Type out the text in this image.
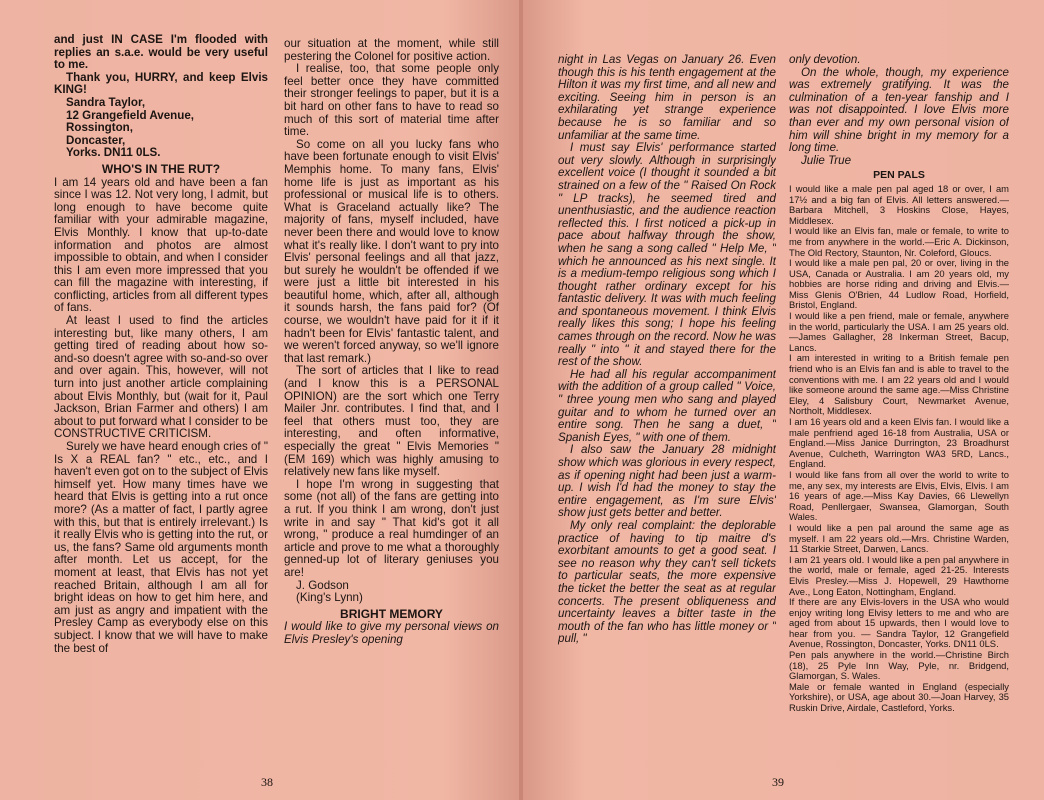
and just IN CASE I'm flooded with replies an s.a.e. would be very useful to me.

Thank you, HURRY, and keep Elvis KING!

Sandra Taylor,

12 Grangefield Avenue,

Rossington,

Doncaster,

Yorks. DN11 0LS.

WHO'S IN THE RUT?

I am 14 years old and have been a fan since I was 12. Not very long, I admit, but long enough to have become quite familiar with your admirable magazine, Elvis Monthly. I know that up-to-date information and photos are almost impossible to obtain, and when I consider this I am even more impressed that you can fill the magazine with interesting, if conflicting, articles from all different types of fans.

At least I used to find the articles interesting but, like many others, I am getting tired of reading about how so-and-so doesn't agree with so-and-so over and over again. This, however, will not turn into just another article complaining about Elvis Monthly, but (wait for it, Paul Jackson, Brian Farmer and others) I am about to put forward what I consider to be CONSTRUCTIVE CRITICISM.

Surely we have heard enough cries of " Is X a REAL fan? " etc., etc., and I haven't even got on to the subject of Elvis himself yet. How many times have we heard that Elvis is getting into a rut once more? (As a matter of fact, I partly agree with this, but that is entirely irrelevant.) Is it really Elvis who is getting into the rut, or us, the fans? Same old arguments month after month. Let us accept, for the moment at least, that Elvis has not yet reached Britain, although I am all for bright ideas on how to get him here, and am just as angry and impatient with the Presley Camp as everybody else on this subject. I know that we will have to make the best of

our situation at the moment, while still pestering the Colonel for positive action.

I realise, too, that some people only feel better once they have committed their stronger feelings to paper, but it is a bit hard on other fans to have to read so much of this sort of material time after time.

So come on all you lucky fans who have been fortunate enough to visit Elvis' Memphis home. To many fans, Elvis' home life is just as important as his professional or musical life is to others. What is Graceland actually like? The majority of fans, myself included, have never been there and would love to know what it's really like. I don't want to pry into Elvis' personal feelings and all that jazz, but surely he wouldn't be offended if we were just a little bit interested in his beautiful home, which, after all, although it sounds harsh, the fans paid for? (Of course, we wouldn't have paid for it if it hadn't been for Elvis' fantastic talent, and we weren't forced anyway, so we'll ignore that last remark.)

The sort of articles that I like to read (and I know this is a PERSONAL OPINION) are the sort which one Terry Mailer Jnr. contributes. I find that, and I feel that others must too, they are interesting, and often informative, especially the great " Elvis Memories " (EM 169) which was highly amusing to relatively new fans like myself.

I hope I'm wrong in suggesting that some (not all) of the fans are getting into a rut. If you think I am wrong, don't just write in and say " That kid's got it all wrong, " produce a real humdinger of an article and prove to me what a thoroughly genned-up lot of literary geniuses you are!

J. Godson

(King's Lynn)

BRIGHT MEMORY

I would like to give my personal views on Elvis Presley's opening

38

night in Las Vegas on January 26. Even though this is his tenth engagement at the Hilton it was my first time, and all new and exciting. Seeing him in person is an exhilarating yet strange experience because he is so familiar and so unfamiliar at the same time.

I must say Elvis' performance started out very slowly. Although in surprisingly excellent voice (I thought it sounded a bit strained on a few of the " Raised On Rock " LP tracks), he seemed tired and unenthusiastic, and the audience reaction reflected this. I first noticed a pick-up in pace about halfway through the show, when he sang a song called " Help Me, " which he announced as his next single. It is a medium-tempo religious song which I thought rather ordinary except for his fantastic delivery. It was with much feeling and spontaneous movement. I think Elvis really likes this song; I hope his feeling cames through on the record. Now he was really " into " it and stayed there for the rest of the show.

He had all his regular accompaniment with the addition of a group called " Voice, " three young men who sang and played guitar and to whom he turned over an entire song. Then he sang a duet, " Spanish Eyes, " with one of them.

I also saw the January 28 midnight show which was glorious in every respect, as if opening night had been just a warm-up. I wish I'd had the money to stay the entire engagement, as I'm sure Elvis' show just gets better and better.

My only real complaint: the deplorable practice of having to tip maitre d's exorbitant amounts to get a good seat. I see no reason why they can't sell tickets to particular seats, the more expensive the ticket the better the seat as at regular concerts. The present obliqueness and uncertainty leaves a bitter taste in the mouth of the fan who has little money or " pull, "

only devotion.

On the whole, though, my experience was extremely gratifying. It was the culmination of a ten-year fanship and I was not disappointed. I love Elvis more than ever and my own personal vision of him will shine bright in my memory for a long time.

Julie True

PEN PALS

I would like a male pen pal aged 18 or over, I am 17½ and a big fan of Elvis. All letters answered.—Barbara Mitchell, 3 Hoskins Close, Hayes, Middlesex.

I would like an Elvis fan, male or female, to write to me from anywhere in the world.—Eric A. Dickinson, The Old Rectory, Staunton, Nr. Coleford, Gloucs.

I would like a male pen pal, 20 or over, living in the USA, Canada or Australia. I am 20 years old, my hobbies are horse riding and driving and Elvis.—Miss Glenis O'Brien, 44 Ludlow Road, Horfield, Bristol, England.

I would like a pen friend, male or female, anywhere in the world, particularly the USA. I am 25 years old.—James Gallagher, 28 Inkerman Street, Bacup, Lancs.

I am interested in writing to a British female pen friend who is an Elvis fan and is able to travel to the conventions with me. I am 22 years old and I would like someone around the same age.—Miss Christine Eley, 4 Salisbury Court, Newmarket Avenue, Northolt, Middlesex.

I am 16 years old and a keen Elvis fan. I would like a male penfriend aged 16-18 from Australia, USA or England.—Miss Janice Durrington, 23 Broadhurst Avenue, Culcheth, Warrington WA3 5RD, Lancs., England.

I would like fans from all over the world to write to me, any sex, my interests are Elvis, Elvis, Elvis. I am 16 years of age.—Miss Kay Davies, 66 Llewellyn Road, Penllergaer, Swansea, Glamorgan, South Wales.

I would like a pen pal around the same age as myself. I am 22 years old.—Mrs. Christine Warden, 11 Starkie Street, Darwen, Lancs.

I am 21 years old. I would like a pen pal anywhere in the world, male or female, aged 21-25. Interests Elvis Presley.—Miss J. Hopewell, 29 Hawthorne Ave., Long Eaton, Nottingham, England.

If there are any Elvis-lovers in the USA who would enjoy writing long Elvisy letters to me and who are aged from about 15 upwards, then I would love to hear from you. — Sandra Taylor, 12 Grangefield Avenue, Rossington, Doncaster, Yorks. DN11 0LS.

Pen pals anywhere in the world.—Christine Birch (18), 25 Pyle Inn Way, Pyle, nr. Bridgend, Glamorgan, S. Wales.

Male or female wanted in England (especially Yorkshire), or USA, age about 30.—Joan Harvey, 35 Ruskin Drive, Airdale, Castleford, Yorks.

39
